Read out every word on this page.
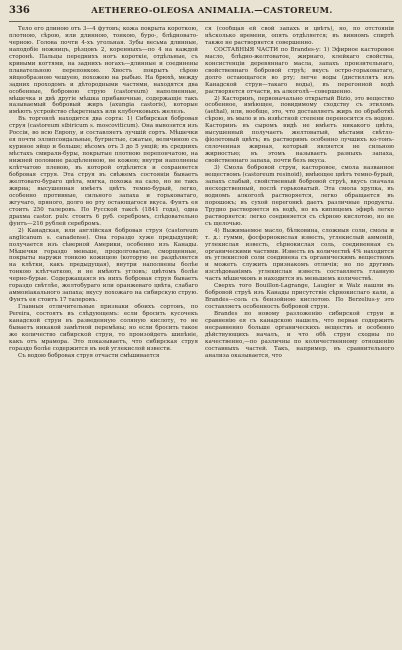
336	AETHEREO-OLEOSA ANIMALIA.—CASTOREUM.

Тело его длиною отъ 3—4 футовъ; кожа покрыта короткою, плотною, сѣрою, или длинною, тонкою, буро-, блѣдновато-черною. Голова почти 4-хъ угольная. Зубы весьма длинные, наподобіе ножницъ, рѣзцовъ 2, коренныхъ—по 4 на каждой сторонѣ. Пальцы переднихъ ногъ короткіе, отдѣльные, съ кривыми когтями, на заднихъ ногахъ—длинные и соединены плавательною перепонкою. Хвостъ покрытъ сѣрою яйцеобразною чешуею, похожею на рыбью. На брюхѣ, между задних проходомъ и дѣтородными частями, находятся два особенные, бобровою струю (castoreum) наполненные, мѣшечка и двѣ другіе мѣшка прибавочные, содержащіе такъ называемый бобровый жиръ (axungia castoris), которые имѣютъ устройство сѣкретныхъ или клубочковыхъ железъ.

Въ торговлѣ находится два сорта: 1) Сибирская бобровая струя (castoreum sibiricum s. moscoviticum). Она вывозится изъ Россіи, во всю Европу, и составляетъ лучшій сортъ. Мѣшечки ея почти эллипсоидальные, бугристые, сжатые, величиною съ куриное яйцо и больше; вѣсомъ отъ 3 до 5 унцій; въ среднихъ мѣстахъ смирали-буры, покрытые плотною перепончатою, на нижней половине раздѣленною, не кожею; внутри наполнены клѣтчатою плевою, въ которой отдѣлится и сохраняется бобровая струя. Эта струя въ свѣжемъ состояніи бываетъ желтовато-бураго цвѣта, мягка, похожа на сало, но не такъ жирна; высушенная имѣетъ цвѣтъ темно-бурый, легко, особенно противные, сильного запаха и горьковатаго, жгучаго, пряного, долго во рту остающагося вкуса. Фунтъ ея стоитъ 250 талеровъ. По Русской таксѣ (1841 года), одна драхма castor. pulv. стоитъ 6 руб. серебромъ, слѣдовательно фунтъ—216 рублей серебромъ.

2) Канадская, или англійская бобровая струя (castoreum anglicanum s. canadense). Она гораздо хуже предыдущей; получается изъ сѣверной Америки, особенно изъ Канады. Мѣшечки гораздо меньше, продолговатые, сморщенные, покрыты наружи тонкою кожицею (которую не раздѣляется на клѣтки, какъ предыдущая), внутри наполнены болѣе тонкою клѣтчаткою, и не имѣютъ угловъ; цвѣтомъ болѣе черно-бурые. Содержащаяся въ нихъ бобровая струя бываетъ гораздо свѣтлѣе, желтобураго или оранжеваго цвѣта, слабаго аммоніакального запаха; вкусу похожаго на сибирскую струю. Фунтъ ея стоитъ 17 талеровъ.

Главныя отличительные признаки обоихъ сортовъ, по Pereira, состоятъ въ слѣдующемъ: если бросить кусочекъ канадской струи въ разведенную соляную кислоту, то не бываетъ никакой замѣтной перемѣны; но если бросить такое же количество сибирской струи, то произойдетъ шипѣніе, какъ отъ мрамора. Это показываетъ, что сибирская струя гораздо болѣе содержится въ ней углекислой извести.

Съ водою бобровая струя отчасти смѣшивается

ся (сообщая ей свой запахъ и цвѣтъ), но, по отстояніи нѣсколько времени, опять отдѣляется; въ винномъ спиртѣ также не растворяется совершенно.

СОСТАВНЫЯ ЧАСТИ по Brandes-у: 1) Эфирное касторовое масло, блѣдно-желтоватое, жирнаго, клейкаго свойства, консистенціи деревяннаго масла, запахъ пронзительнаго, свойственнаго бобровой струѣ; вкусъ остро-горьковатаго, долго остающагося во рту; легче воды (дистиллятъ изъ Канадской струи—такаго воды), въ перегонной водѣ растворяется отчасти, въ алкоголѣ—совершенно.

2) Касторинъ, первоначально открытый Bizio, это вещество особенное, имѣющее, повидимому сходству съ этиломъ (aethal), или, вообще, это, что доставляетъ жиръ по обработкѣ сѣрою, въ мыло и въ извѣстной степени переносится съ водою. Касторинъ въ сыромъ видѣ не имѣетъ никакого цвѣта, высушенный получаетъ желтоватый, мѣстами свѣтло-фіолетовый цвѣтъ; въ растворимъ особенно лучшихъ ко-тонъ-сплоченная жирная, который является не сильною жирностью; въ этомъ называетъ разныхъ запаха, свойственнаго запаха, почти безъ вкуса.

3) Смола бобровой струи, касторовое, смола названное веществомъ (castoreum resinoid), имѣющее цвѣтъ темно-бурый, запахъ слабый, свойственный бобровой струѣ, вкусъ сначала несходственный, послѣ горьковатый. Эта смола хрупка, въ водномъ алкоголѣ растворяется, легко обращается въ порошокъ; въ сухой перегонкѣ даетъ различные продукты. Трудно растворяется въ водѣ, но въ кипящемъ эфирѣ легко растворяется: легко соединяется съ сѣрною кислотою, но не съ щелочью.

4) Выжимаемое масло, бѣлковина, сложныя соли, смола и т. д.: гумми, фосфорнокислая известь, углекислый аммоній, углекислая известь, сѣрнокислая соль, соединенная съ органическими частями. Известь въ количествѣ 4% находится въ углекислой соли соединена съ органическимъ веществомъ и можетъ служить признакомъ отличія; но по другимъ изслѣдованіямъ углекислая известь составляетъ главную часть мѣшечковъ и находится въ меньшемъ количествѣ.

Сверхъ того Bouillon-Lagrange, Laugier и Walz нашли въ бобровой струѣ изъ Канады присутствіе сѣрнокислаго кали, а Brandes—соль съ бензойною кислотою. По Berzelius-у это составляетъ особенность бобровой струи.

Brandes по новому разложенію сибирской струи и сравненію ея съ канадскою нашелъ, что первая содержитъ несравненно больше органическихъ веществъ и особенно дѣйствующихъ началъ, и что обѣ струи сходны по качественно,—по различны по количественному отношенію составныхъ частей. Такъ, например, въ сравнительного анализа оказывается, что
